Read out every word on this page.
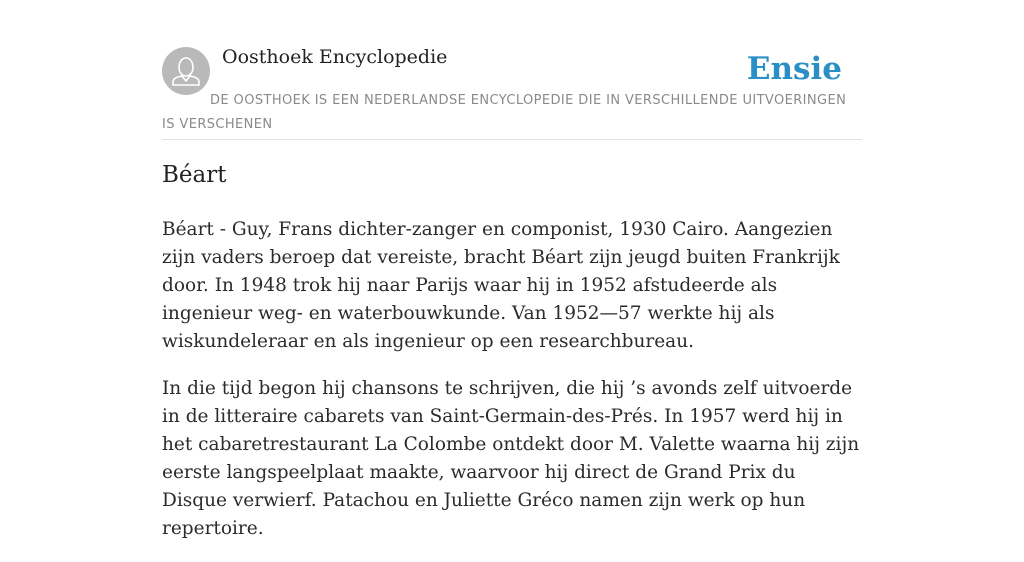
Oosthoek Encyclopedie	Ensie
DE OOSTHOEK IS EEN NEDERLANDSE ENCYCLOPEDIE DIE IN VERSCHILLENDE UITVOERINGEN IS VERSCHENEN
Béart

Béart - Guy, Frans dichter-zanger en componist, 1930 Cairo. Aangezien zijn vaders beroep dat vereiste, bracht Béart zijn jeugd buiten Frankrijk door. In 1948 trok hij naar Parijs waar hij in 1952 afstudeerde als ingenieur weg- en waterbouwkunde. Van 1952—57 werkte hij als wiskundeleraar en als ingenieur op een researchbureau.

In die tijd begon hij chansons te schrijven, die hij ’s avonds zelf uitvoerde in de litteraire cabarets van Saint-Germain-des-Prés. In 1957 werd hij in het cabaretrestaurant La Colombe ontdekt door M. Valette waarna hij zijn eerste langspeelplaat maakte, waarvoor hij direct de Grand Prix du Disque verwierf. Patachou en Juliette Gréco namen zijn werk op hun repertoire.
